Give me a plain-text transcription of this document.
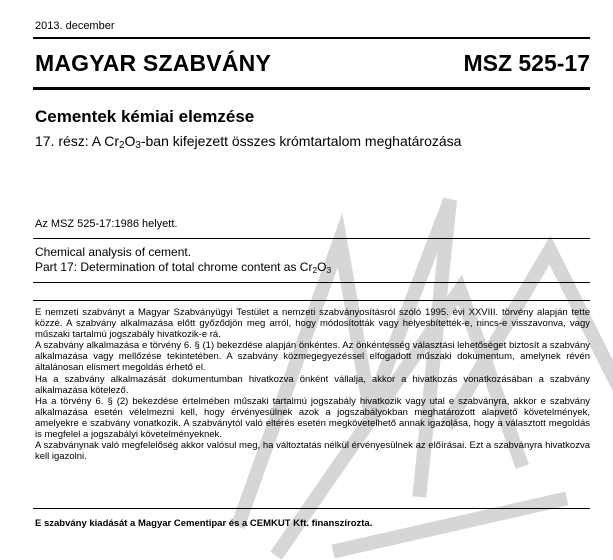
2013. december
MAGYAR SZABVÁNY	MSZ 525-17
Cementek kémiai elemzése
17. rész: A $Cr_2O_3$-ban kifejezett összes krómtartalom meghatározása
Az MSZ 525-17:1986 helyett.
Chemical analysis of cement.
Part 17: Determination of total chrome content as $Cr_2O_3$

E nemzeti szabványt a Magyar Szabványügyi Testület a nemzeti szabványosításról szóló 1995. évi XXVIII. törvény alapján tette közzé. A szabvány alkalmazása előtt győződjön meg arról, hogy módosították vagy helyesbítették-e, nincs-e visszavonva, vagy műszaki tartalmú jogszabály hivatkozik-e rá.

A szabvány alkalmazása e törvény 6. § (1) bekezdése alapján önkéntes. Az önkéntesség választási lehetőséget biztosít a szabvány alkalmazása vagy mellőzése tekintetében. A szabvány közmegegyezéssel elfogadott műszaki dokumentum, amelynek révén általánosan elismert megoldás érhető el.

Ha a szabvány alkalmazását dokumentumban hivatkozva önként vállalja, akkor a hivatkozás vonatkozásában a szabvány alkalmazása kötelező.

Ha a törvény 6. § (2) bekezdése értelmében műszaki tartalmú jogszabály hivatkozik vagy utal e szabványra, akkor e szabvány alkalmazása esetén vélelmezni kell, hogy érvényesülnek azok a jogszabályokban meghatározott alapvető követelmények, amelyekre e szabvány vonatkozik. A szabványtól való eltérés esetén megkövetelhető annak igazolása, hogy a választott megoldás is megfelel a jogszabályi követelményeknek.

A szabványnak való megfelelőség akkor valósul meg, ha változtatás nélkül érvényesülnek az előírásai. Ezt a szabványra hivatkozva kell igazolni.

E szabvány kiadását a Magyar Cementipar és a CEMKUT Kft. finanszírozta.
